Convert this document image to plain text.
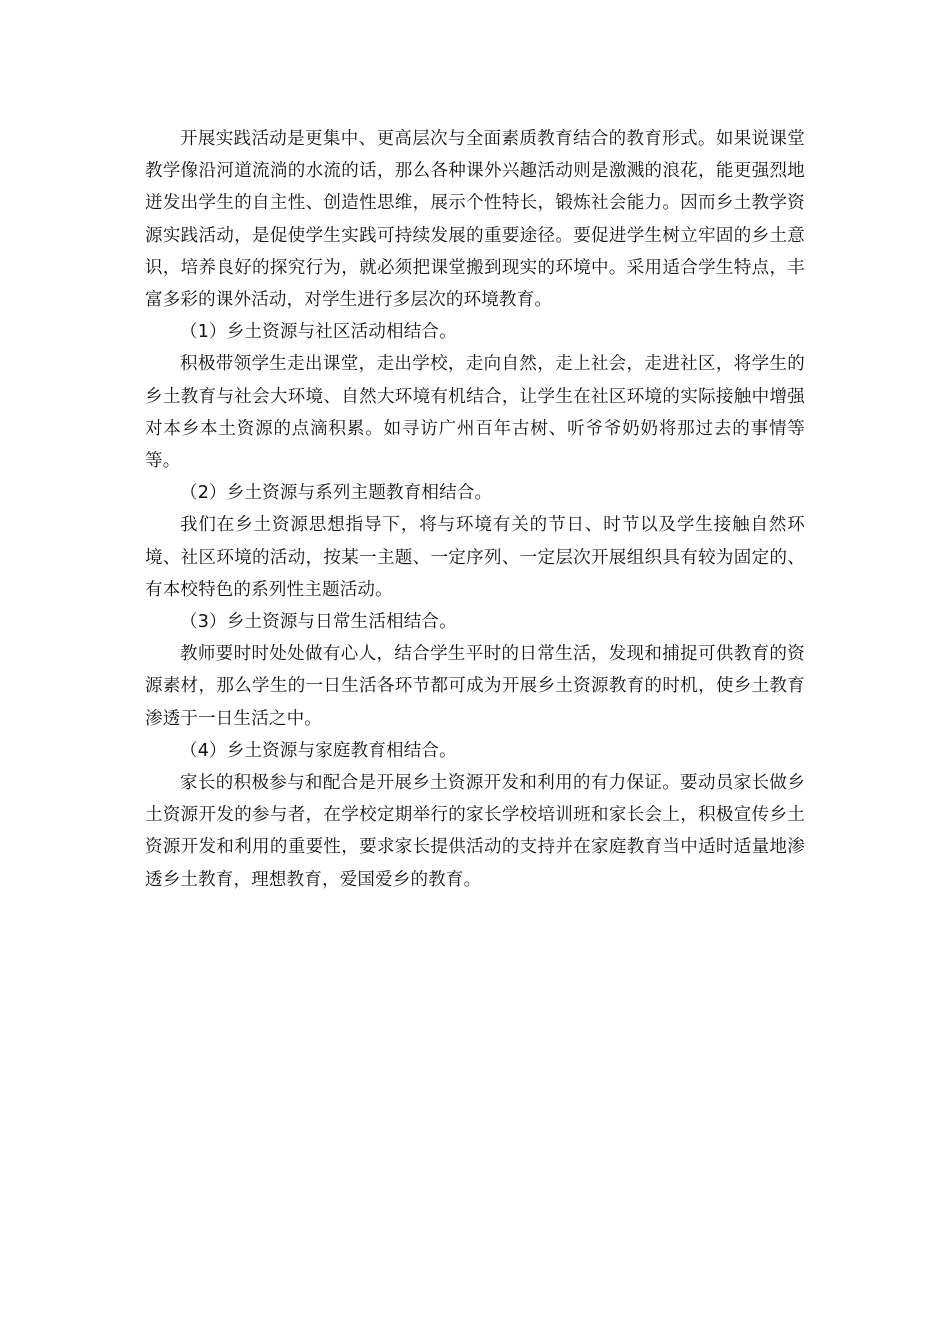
开展实践活动是更集中、更高层次与全面素质教育结合的教育形式。如果说课堂教学像沿河道流淌的水流的话，那么各种课外兴趣活动则是激溅的浪花，能更强烈地迸发出学生的自主性、创造性思维，展示个性特长，锻炼社会能力。因而乡土教学资源实践活动，是促使学生实践可持续发展的重要途径。要促进学生树立牢固的乡土意识，培养良好的探究行为，就必须把课堂搬到现实的环境中。采用适合学生特点，丰富多彩的课外活动，对学生进行多层次的环境教育。

（1）乡土资源与社区活动相结合。

积极带领学生走出课堂，走出学校，走向自然，走上社会，走进社区，将学生的乡土教育与社会大环境、自然大环境有机结合，让学生在社区环境的实际接触中增强对本乡本土资源的点滴积累。如寻访广州百年古树、听爷爷奶奶将那过去的事情等等。

（2）乡土资源与系列主题教育相结合。

我们在乡土资源思想指导下，将与环境有关的节日、时节以及学生接触自然环境、社区环境的活动，按某一主题、一定序列、一定层次开展组织具有较为固定的、有本校特色的系列性主题活动。

（3）乡土资源与日常生活相结合。

教师要时时处处做有心人，结合学生平时的日常生活，发现和捕捉可供教育的资源素材，那么学生的一日生活各环节都可成为开展乡土资源教育的时机，使乡土教育渗透于一日生活之中。

（4）乡土资源与家庭教育相结合。

家长的积极参与和配合是开展乡土资源开发和利用的有力保证。要动员家长做乡土资源开发的参与者，在学校定期举行的家长学校培训班和家长会上，积极宣传乡土资源开发和利用的重要性，要求家长提供活动的支持并在家庭教育当中适时适量地渗透乡土教育，理想教育，爱国爱乡的教育。
